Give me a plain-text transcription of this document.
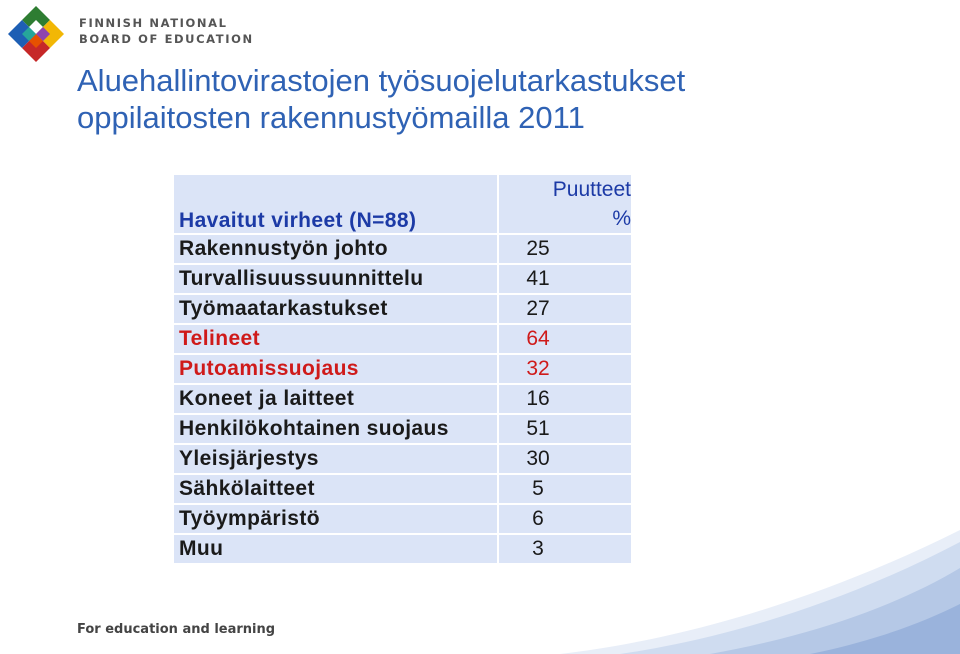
FINNISH NATIONAL
BOARD OF EDUCATION
Aluehallintovirastojen työsuojelutarkastukset
oppilaitosten rakennustyömailla 2011
Havaitut virheet (N=88)	Puutteet
%

Rakennustyön johto	25
Turvallisuussuunnittelu	41
Työmaatarkastukset	27
Telineet	64
Putoamissuojaus	32
Koneet ja laitteet	16
Henkilökohtainen suojaus	51
Yleisjärjestys	30
Sähkölaitteet	5
Työympäristö	6
Muu	3
For education and learning
